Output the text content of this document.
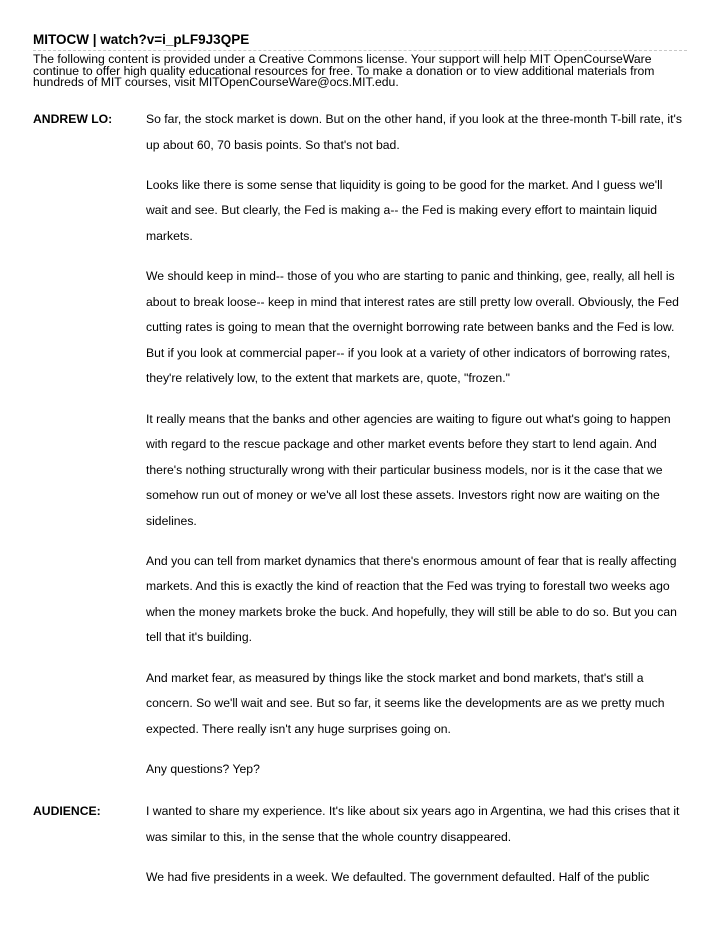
MITOCW | watch?v=i_pLF9J3QPE
The following content is provided under a Creative Commons license. Your support will help MIT OpenCourseWare continue to offer high quality educational resources for free. To make a donation or to view additional materials from hundreds of MIT courses, visit MITOpenCourseWare@ocs.MIT.edu.
ANDREW LO:	So far, the stock market is down. But on the other hand, if you look at the three-month T-bill rate, it's up about 60, 70 basis points. So that's not bad.

Looks like there is some sense that liquidity is going to be good for the market. And I guess we'll wait and see. But clearly, the Fed is making a-- the Fed is making every effort to maintain liquid markets.

We should keep in mind-- those of you who are starting to panic and thinking, gee, really, all hell is about to break loose-- keep in mind that interest rates are still pretty low overall. Obviously, the Fed cutting rates is going to mean that the overnight borrowing rate between banks and the Fed is low. But if you look at commercial paper-- if you look at a variety of other indicators of borrowing rates, they're relatively low, to the extent that markets are, quote, "frozen."

It really means that the banks and other agencies are waiting to figure out what's going to happen with regard to the rescue package and other market events before they start to lend again. And there's nothing structurally wrong with their particular business models, nor is it the case that we somehow run out of money or we've all lost these assets. Investors right now are waiting on the sidelines.

And you can tell from market dynamics that there's enormous amount of fear that is really affecting markets. And this is exactly the kind of reaction that the Fed was trying to forestall two weeks ago when the money markets broke the buck. And hopefully, they will still be able to do so. But you can tell that it's building.

And market fear, as measured by things like the stock market and bond markets, that's still a concern. So we'll wait and see. But so far, it seems like the developments are as we pretty much expected. There really isn't any huge surprises going on.

Any questions? Yep?

AUDIENCE:	I wanted to share my experience. It's like about six years ago in Argentina, we had this crises that it was similar to this, in the sense that the whole country disappeared.

We had five presidents in a week. We defaulted. The government defaulted. Half of the public
